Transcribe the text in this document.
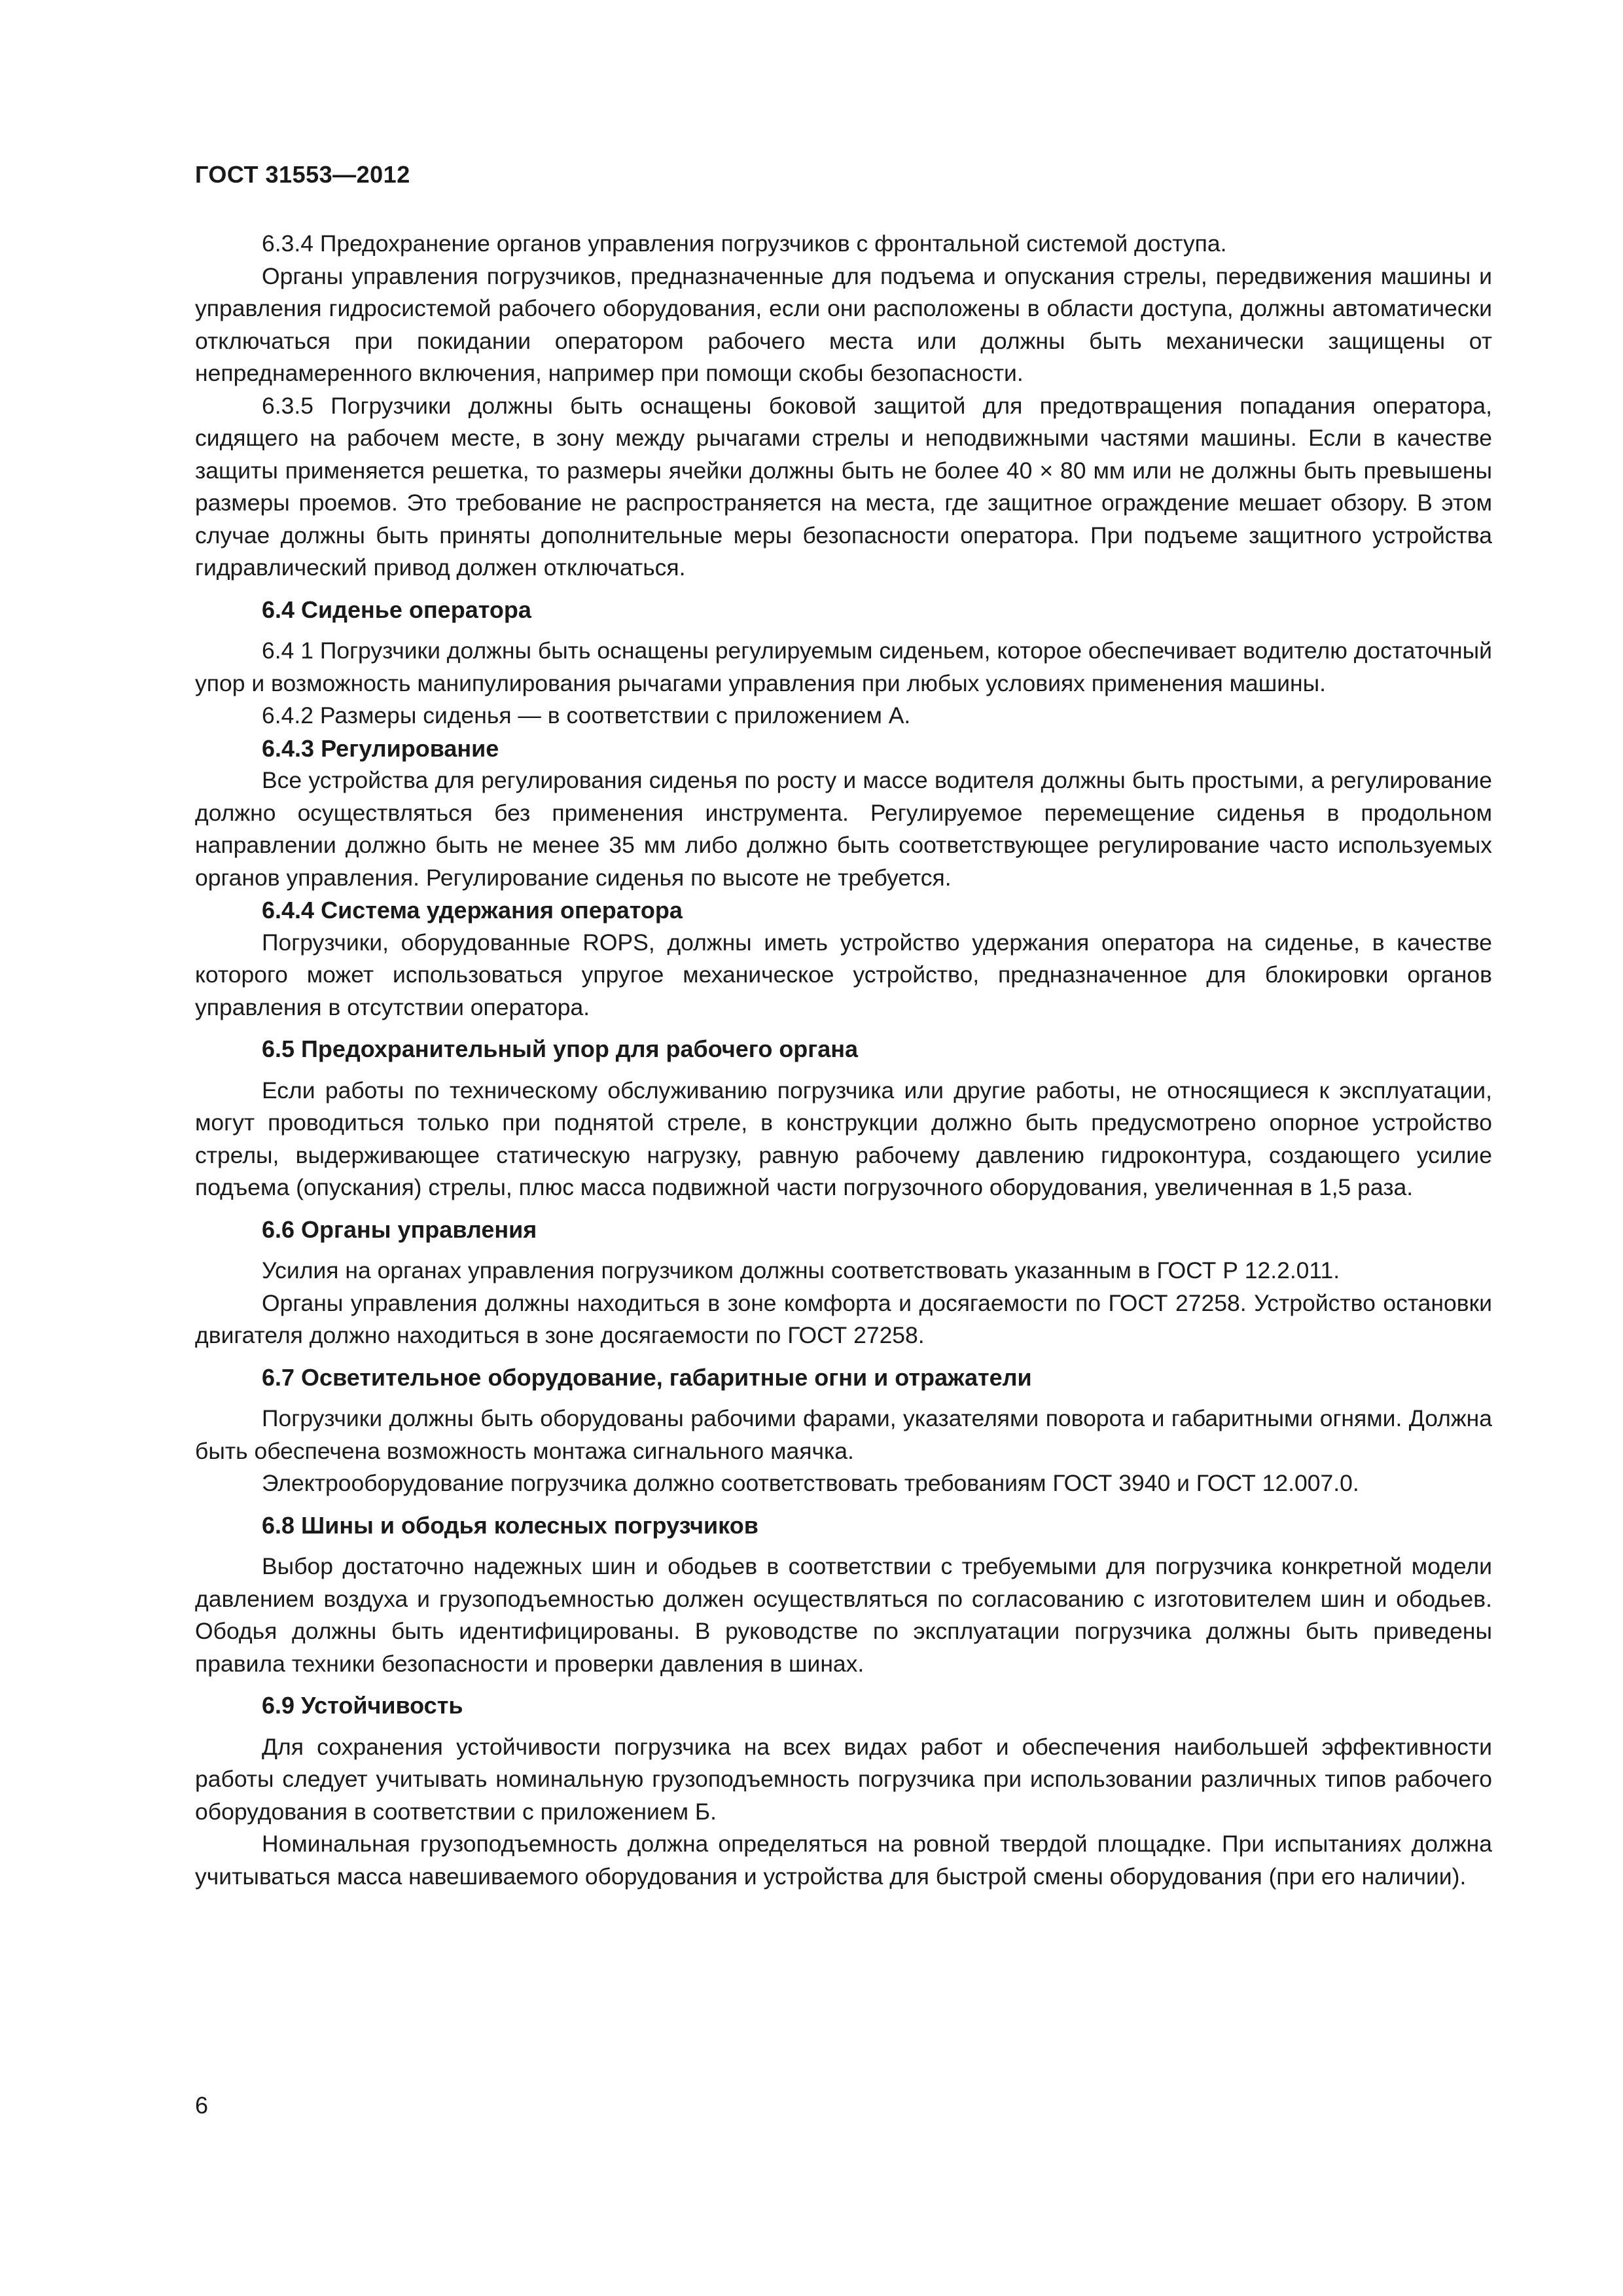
ГОСТ 31553—2012

6.3.4 Предохранение органов управления погрузчиков с фронтальной системой доступа.

Органы управления погрузчиков, предназначенные для подъема и опускания стрелы, передвижения машины и управления гидросистемой рабочего оборудования, если они расположены в области доступа, должны автоматически отключаться при покидании оператором рабочего места или должны быть механически защищены от непреднамеренного включения, например при помощи скобы безопасности.

6.3.5 Погрузчики должны быть оснащены боковой защитой для предотвращения попадания оператора, сидящего на рабочем месте, в зону между рычагами стрелы и неподвижными частями машины. Если в качестве защиты применяется решетка, то размеры ячейки должны быть не более 40 × 80 мм или не должны быть превышены размеры проемов. Это требование не распространяется на места, где защитное ограждение мешает обзору. В этом случае должны быть приняты дополнительные меры безопасности оператора. При подъеме защитного устройства гидравлический привод должен отключаться.

6.4 Сиденье оператора

6.4 1 Погрузчики должны быть оснащены регулируемым сиденьем, которое обеспечивает водителю достаточный упор и возможность манипулирования рычагами управления при любых условиях применения машины.

6.4.2 Размеры сиденья — в соответствии с приложением А.

6.4.3 Регулирование

Все устройства для регулирования сиденья по росту и массе водителя должны быть простыми, а регулирование должно осуществляться без применения инструмента. Регулируемое перемещение сиденья в продольном направлении должно быть не менее 35 мм либо должно быть соответствующее регулирование часто используемых органов управления. Регулирование сиденья по высоте не требуется.

6.4.4 Система удержания оператора

Погрузчики, оборудованные ROPS, должны иметь устройство удержания оператора на сиденье, в качестве которого может использоваться упругое механическое устройство, предназначенное для блокировки органов управления в отсутствии оператора.

6.5 Предохранительный упор для рабочего органа

Если работы по техническому обслуживанию погрузчика или другие работы, не относящиеся к эксплуатации, могут проводиться только при поднятой стреле, в конструкции должно быть предусмотрено опорное устройство стрелы, выдерживающее статическую нагрузку, равную рабочему давлению гидроконтура, создающего усилие подъема (опускания) стрелы, плюс масса подвижной части погрузочного оборудования, увеличенная в 1,5 раза.

6.6 Органы управления

Усилия на органах управления погрузчиком должны соответствовать указанным в ГОСТ Р 12.2.011.

Органы управления должны находиться в зоне комфорта и досягаемости по ГОСТ 27258. Устройство остановки двигателя должно находиться в зоне досягаемости по ГОСТ 27258.

6.7 Осветительное оборудование, габаритные огни и отражатели

Погрузчики должны быть оборудованы рабочими фарами, указателями поворота и габаритными огнями. Должна быть обеспечена возможность монтажа сигнального маячка.

Электрооборудование погрузчика должно соответствовать требованиям ГОСТ 3940 и ГОСТ 12.007.0.

6.8 Шины и ободья колесных погрузчиков

Выбор достаточно надежных шин и ободьев в соответствии с требуемыми для погрузчика конкретной модели давлением воздуха и грузоподъемностью должен осуществляться по согласованию с изготовителем шин и ободьев. Ободья должны быть идентифицированы. В руководстве по эксплуатации погрузчика должны быть приведены правила техники безопасности и проверки давления в шинах.

6.9 Устойчивость

Для сохранения устойчивости погрузчика на всех видах работ и обеспечения наибольшей эффективности работы следует учитывать номинальную грузоподъемность погрузчика при использовании различных типов рабочего оборудования в соответствии с приложением Б.

Номинальная грузоподъемность должна определяться на ровной твердой площадке. При испытаниях должна учитываться масса навешиваемого оборудования и устройства для быстрой смены оборудования (при его наличии).

6
